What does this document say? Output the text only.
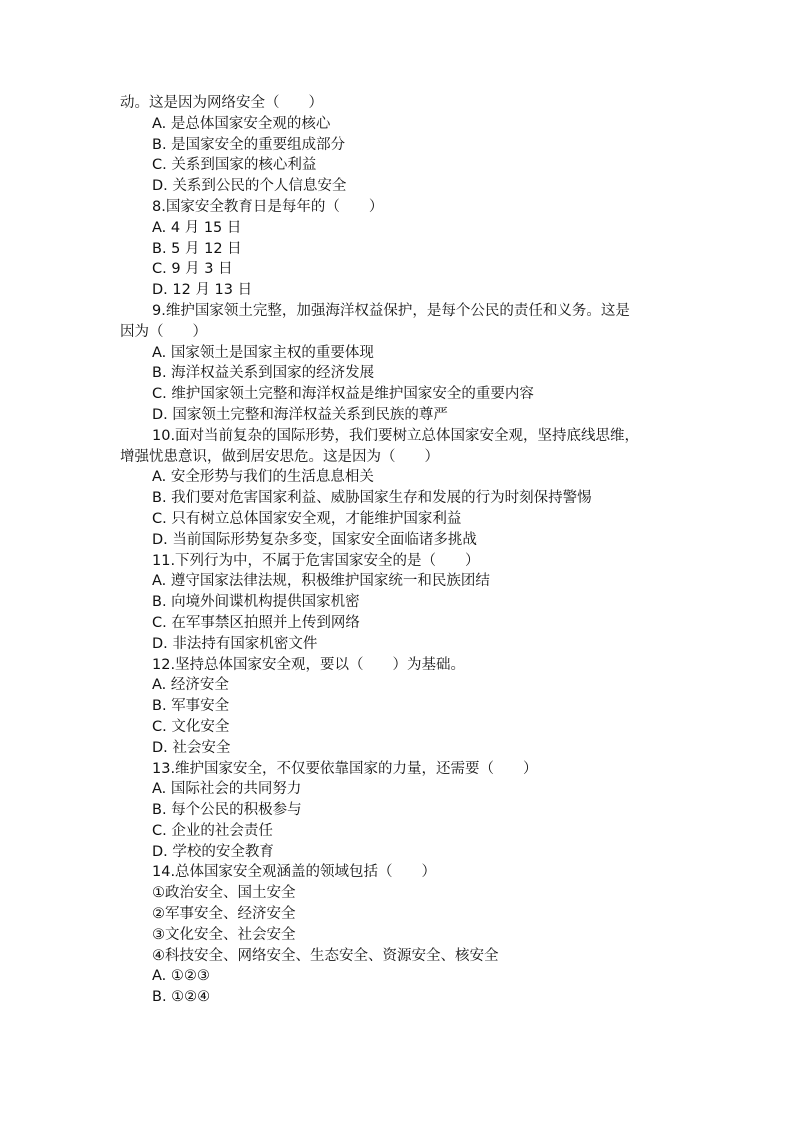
动。这是因为网络安全（　　）
A. 是总体国家安全观的核心
B. 是国家安全的重要组成部分
C. 关系到国家的核心利益
D. 关系到公民的个人信息安全
8.国家安全教育日是每年的（　　）
A. 4 月 15 日
B. 5 月 12 日
C. 9 月 3 日
D. 12 月 13 日
9.维护国家领土完整，加强海洋权益保护，是每个公民的责任和义务。这是
因为（　　）
A. 国家领土是国家主权的重要体现
B. 海洋权益关系到国家的经济发展
C. 维护国家领土完整和海洋权益是维护国家安全的重要内容
D. 国家领土完整和海洋权益关系到民族的尊严
10.面对当前复杂的国际形势，我们要树立总体国家安全观，坚持底线思维，
增强忧患意识，做到居安思危。这是因为（　　）
A. 安全形势与我们的生活息息相关
B. 我们要对危害国家利益、威胁国家生存和发展的行为时刻保持警惕
C. 只有树立总体国家安全观，才能维护国家利益
D. 当前国际形势复杂多变，国家安全面临诸多挑战
11.下列行为中，不属于危害国家安全的是（　　）
A. 遵守国家法律法规，积极维护国家统一和民族团结
B. 向境外间谍机构提供国家机密
C. 在军事禁区拍照并上传到网络
D. 非法持有国家机密文件
12.坚持总体国家安全观，要以（　　）为基础。
A. 经济安全
B. 军事安全
C. 文化安全
D. 社会安全
13.维护国家安全，不仅要依靠国家的力量，还需要（　　）
A. 国际社会的共同努力
B. 每个公民的积极参与
C. 企业的社会责任
D. 学校的安全教育
14.总体国家安全观涵盖的领域包括（　　）
①政治安全、国土安全
②军事安全、经济安全
③文化安全、社会安全
④科技安全、网络安全、生态安全、资源安全、核安全
A. ①②③
B. ①②④
